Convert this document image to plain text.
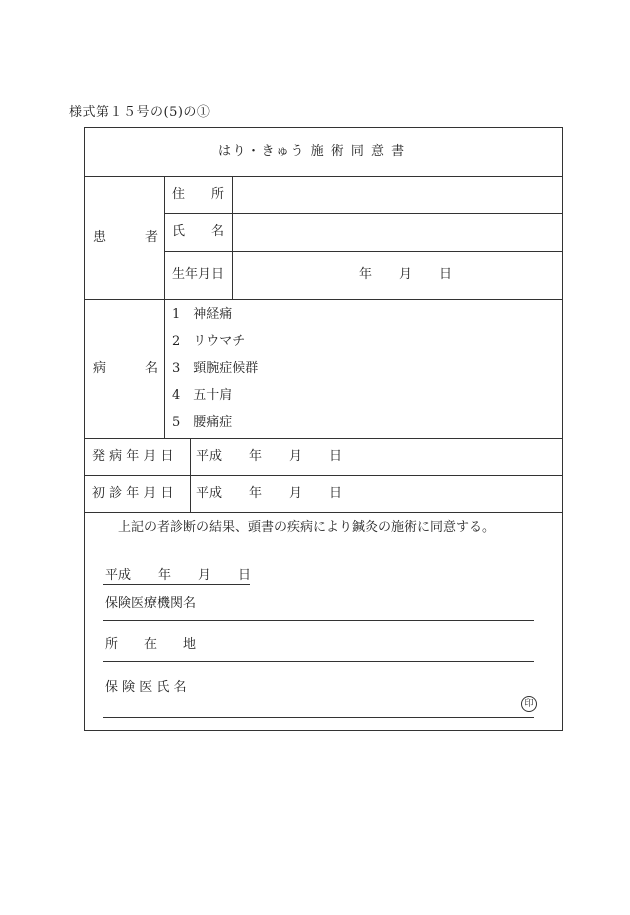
様式第１５号の(5)の①
はり・きゅう 施 術 同 意 書
患　　　者
住　　所
氏　　名
生年月日	年 月 日
病　　　名
1　神経痛
2　リウマチ
3　頸腕症候群
4　五十肩
5　腰痛症
発 病 年 月 日 平成 年 月 日
初 診 年 月 日 平成 年 月 日
上記の者診断の結果、頭書の疾病により鍼灸の施術に同意する。
平成 年 月 日
保険医療機関名
所　　在　　地
保 険 医 氏 名
印
